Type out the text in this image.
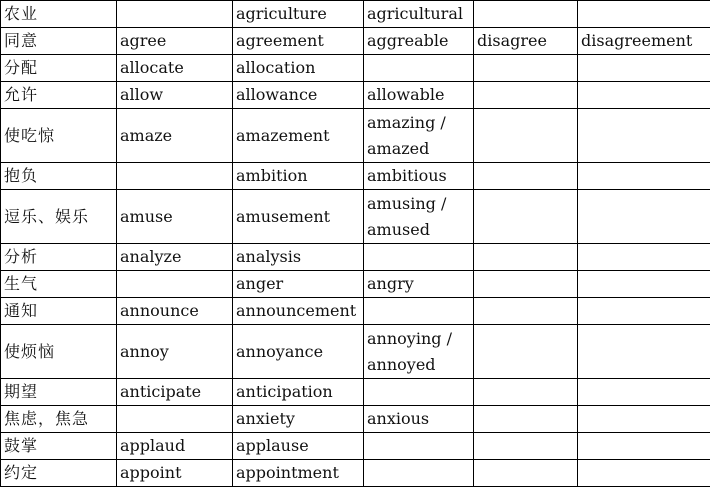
农业		agriculture	agricultural		
同意	agree	agreement	aggreable	disagree	disagreement
分配	allocate	allocation			
允许	allow	allowance	allowable		
使吃惊	amaze	amazement	amazing / amazed		
抱负		ambition	ambitious		
逗乐、娱乐	amuse	amusement	amusing / amused		
分析	analyze	analysis			
生气		anger	angry		
通知	announce	announcement			
使烦恼	annoy	annoyance	annoying / annoyed		
期望	anticipate	anticipation			
焦虑，焦急		anxiety	anxious		
鼓掌	applaud	applause			
约定	appoint	appointment			
